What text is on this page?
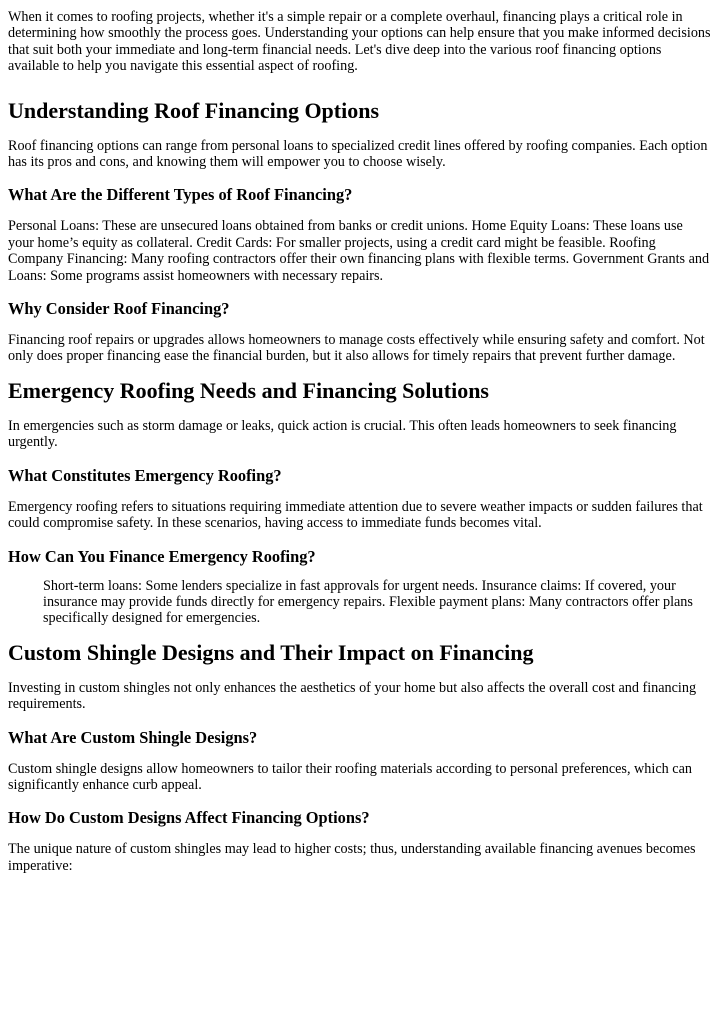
When it comes to roofing projects, whether it's a simple repair or a complete overhaul, financing plays a critical role in determining how smoothly the process goes. Understanding your options can help ensure that you make informed decisions that suit both your immediate and long-term financial needs. Let's dive deep into the various roof financing options available to help you navigate this essential aspect of roofing.

Understanding Roof Financing Options

Roof financing options can range from personal loans to specialized credit lines offered by roofing companies. Each option has its pros and cons, and knowing them will empower you to choose wisely.

What Are the Different Types of Roof Financing?

Personal Loans: These are unsecured loans obtained from banks or credit unions. Home Equity Loans: These loans use your home’s equity as collateral. Credit Cards: For smaller projects, using a credit card might be feasible. Roofing Company Financing: Many roofing contractors offer their own financing plans with flexible terms. Government Grants and Loans: Some programs assist homeowners with necessary repairs.

Why Consider Roof Financing?

Financing roof repairs or upgrades allows homeowners to manage costs effectively while ensuring safety and comfort. Not only does proper financing ease the financial burden, but it also allows for timely repairs that prevent further damage.

Emergency Roofing Needs and Financing Solutions

In emergencies such as storm damage or leaks, quick action is crucial. This often leads homeowners to seek financing urgently.

What Constitutes Emergency Roofing?

Emergency roofing refers to situations requiring immediate attention due to severe weather impacts or sudden failures that could compromise safety. In these scenarios, having access to immediate funds becomes vital.

How Can You Finance Emergency Roofing?

Short-term loans: Some lenders specialize in fast approvals for urgent needs. Insurance claims: If covered, your insurance may provide funds directly for emergency repairs. Flexible payment plans: Many contractors offer plans specifically designed for emergencies.

Custom Shingle Designs and Their Impact on Financing

Investing in custom shingles not only enhances the aesthetics of your home but also affects the overall cost and financing requirements.

What Are Custom Shingle Designs?

Custom shingle designs allow homeowners to tailor their roofing materials according to personal preferences, which can significantly enhance curb appeal.

How Do Custom Designs Affect Financing Options?

The unique nature of custom shingles may lead to higher costs; thus, understanding available financing avenues becomes imperative:
